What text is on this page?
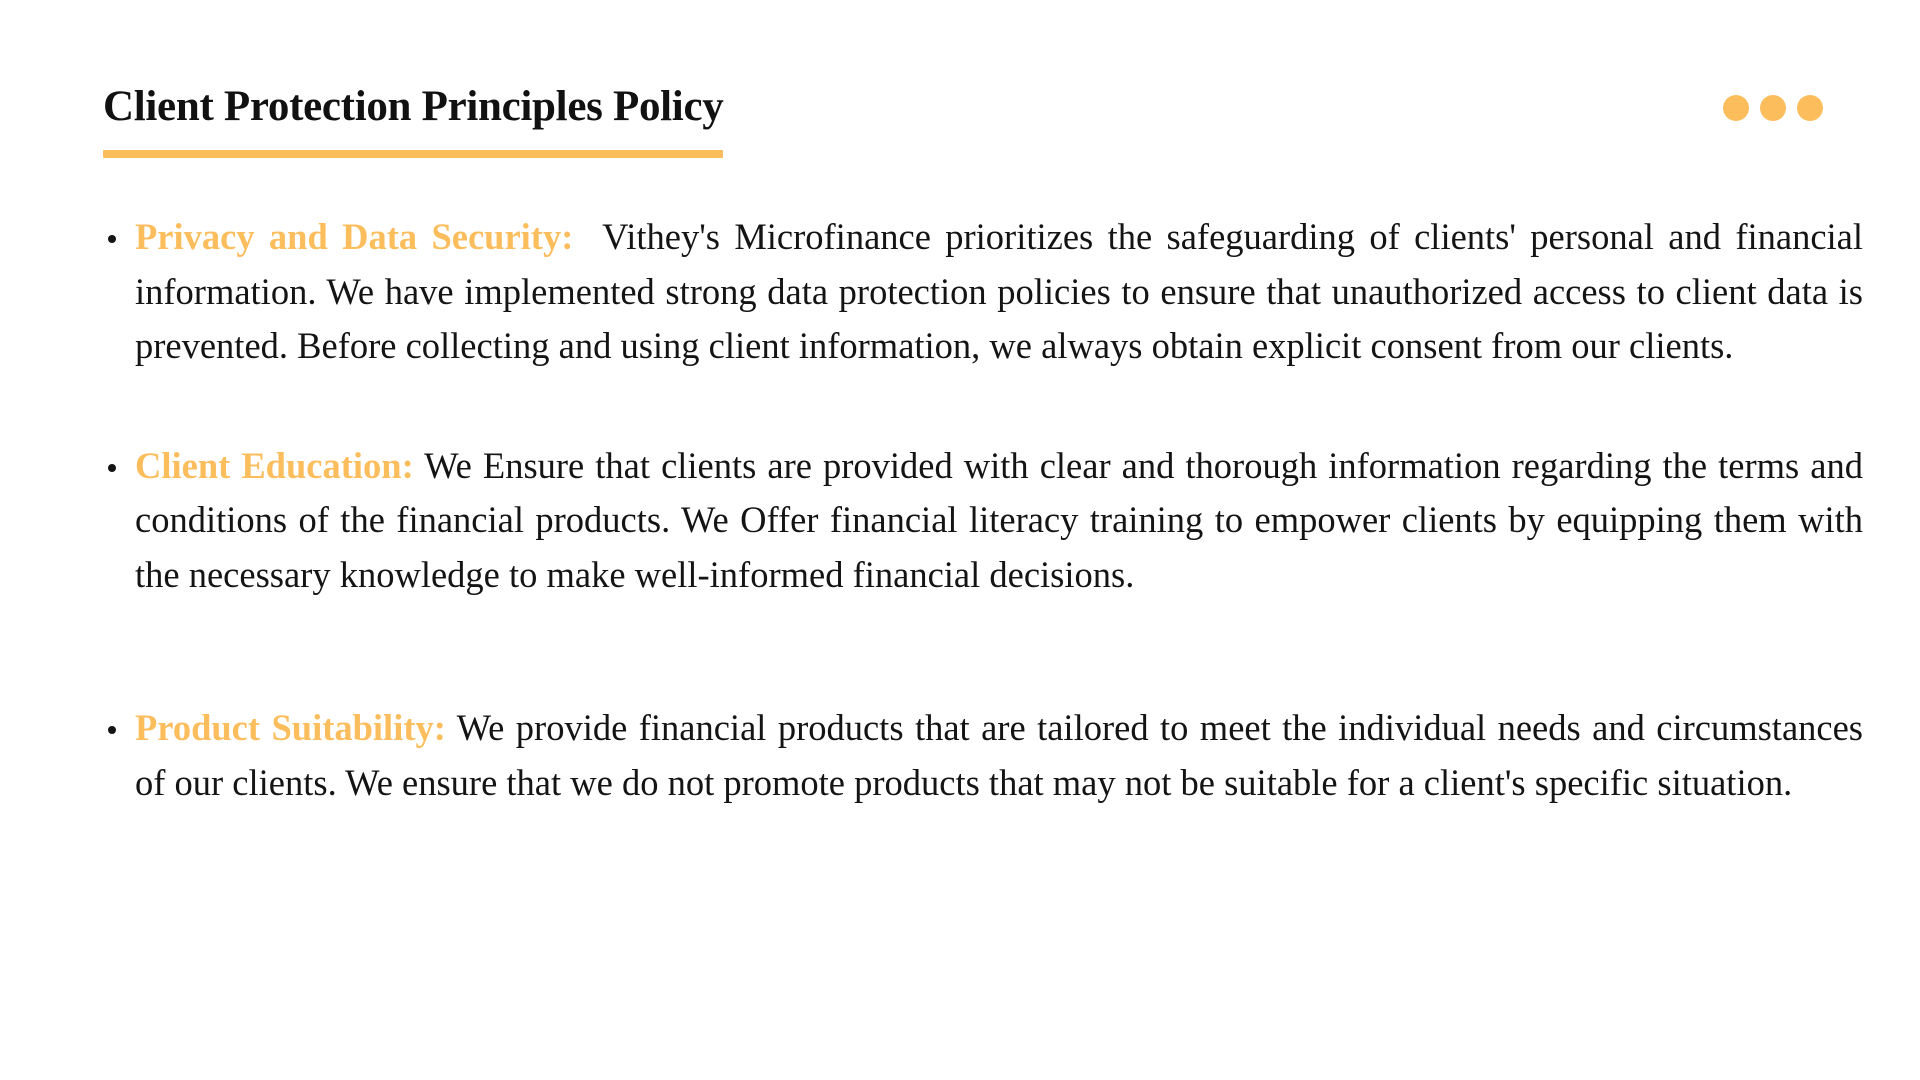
Client Protection Principles Policy
Privacy and Data Security: Vithey's Microfinance prioritizes the safeguarding of clients' personal and financial information. We have implemented strong data protection policies to ensure that unauthorized access to client data is prevented. Before collecting and using client information, we always obtain explicit consent from our clients.
Client Education: We Ensure that clients are provided with clear and thorough information regarding the terms and conditions of the financial products. We Offer financial literacy training to empower clients by equipping them with the necessary knowledge to make well-informed financial decisions.
Product Suitability: We provide financial products that are tailored to meet the individual needs and circumstances of our clients. We ensure that we do not promote products that may not be suitable for a client's specific situation.
